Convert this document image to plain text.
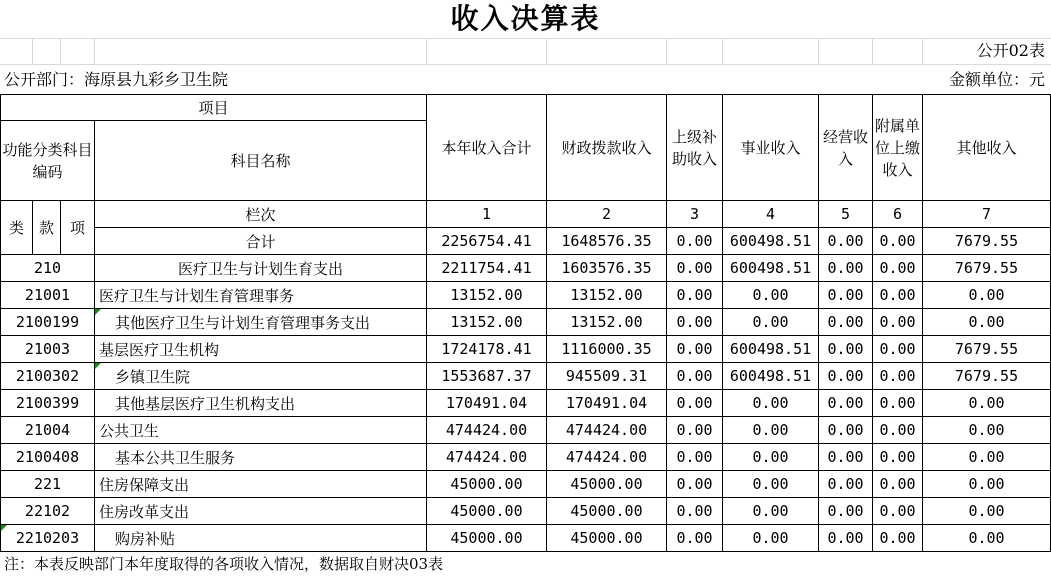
收入决算表
公开02表
公开部门：海原县九彩乡卫生院	金额单位：元
项目				本年收入合计	财政拨款收入	上级补助收入	事业收入	经营收入	附属单位上缴收入	其他收入
功能分类科目编码			科目名称							
类	款	项	栏次	1	2	3	4	5	6	7
			合计	2256754.41	1648576.35	0.00	600498.51	0.00	0.00	7679.55
210			医疗卫生与计划生育支出	2211754.41	1603576.35	0.00	600498.51	0.00	0.00	7679.55
21001			医疗卫生与计划生育管理事务	13152.00	13152.00	0.00	0.00	0.00	0.00	0.00
2100199			其他医疗卫生与计划生育管理事务支出	13152.00	13152.00	0.00	0.00	0.00	0.00	0.00
21003			基层医疗卫生机构	1724178.41	1116000.35	0.00	600498.51	0.00	0.00	7679.55
2100302			乡镇卫生院	1553687.37	945509.31	0.00	600498.51	0.00	0.00	7679.55
2100399			其他基层医疗卫生机构支出	170491.04	170491.04	0.00	0.00	0.00	0.00	0.00
21004			公共卫生	474424.00	474424.00	0.00	0.00	0.00	0.00	0.00
2100408			基本公共卫生服务	474424.00	474424.00	0.00	0.00	0.00	0.00	0.00
221			住房保障支出	45000.00	45000.00	0.00	0.00	0.00	0.00	0.00
22102			住房改革支出	45000.00	45000.00	0.00	0.00	0.00	0.00	0.00

2210203			购房补贴	45000.00	45000.00	0.00	0.00	0.00	0.00	0.00
注：本表反映部门本年度取得的各项收入情况，数据取自财决03表
